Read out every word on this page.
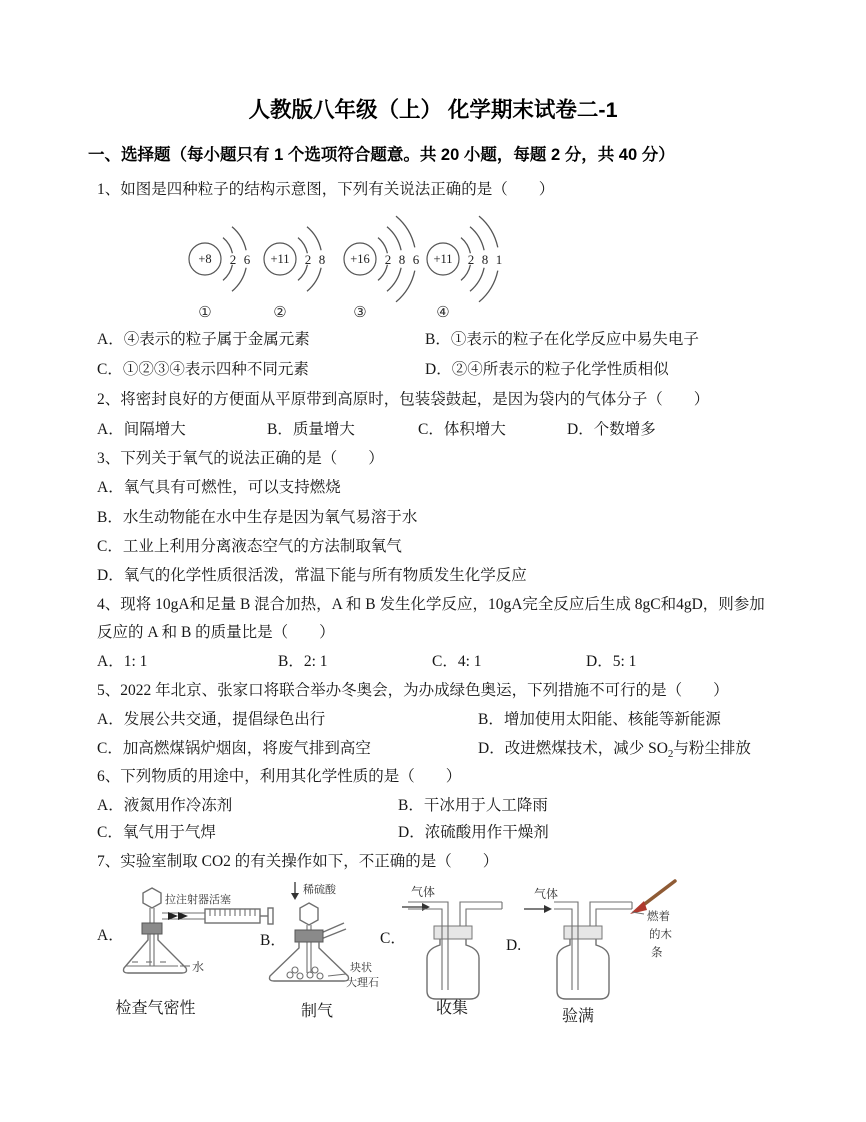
人教版八年级（上） 化学期末试卷二-1
一、选择题（每小题只有 1 个选项符合题意。共 20 小题，每题 2 分，共 40 分）
1、如图是四种粒子的结构示意图，下列有关说法正确的是（　　）
+8 2 6
①
+11 2 8
②
+16 2 8 6
③
+11 2 8 1
④
A．④表示的粒子属于金属元素	B．①表示的粒子在化学反应中易失电子
C．①②③④表示四种不同元素	D．②④所表示的粒子化学性质相似
2、将密封良好的方便面从平原带到高原时，包装袋鼓起，是因为袋内的气体分子（　　）
A．间隔增大	B．质量增大	C．体积增大	D．个数增多
3、下列关于氧气的说法正确的是（　　）
A．氧气具有可燃性，可以支持燃烧
B．水生动物能在水中生存是因为氧气易溶于水
C．工业上利用分离液态空气的方法制取氧气
D．氧气的化学性质很活泼，常温下能与所有物质发生化学反应
4、现将 10gA和足量 B 混合加热，A 和 B 发生化学反应，10gA完全反应后生成 8gC和4gD，则参加
反应的 A 和 B 的质量比是（　　）
A．1: 1	B．2: 1	C．4: 1	D．5: 1
5、2022 年北京、张家口将联合举办冬奥会，为办成绿色奥运，下列措施不可行的是（　　）
A．发展公共交通，提倡绿色出行	B．增加使用太阳能、核能等新能源
C．加高燃煤锅炉烟囱，将废气排到高空	D．改进燃煤技术，减少 $SO_2$与粉尘排放
6、下列物质的用途中，利用其化学性质的是（　　）
A．液氮用作冷冻剂	B．干冰用于人工降雨
C．氧气用于气焊	D．浓硫酸用作干燥剂
7、实验室制取 CO2 的有关操作如下，不正确的是（　　）
A．
水
拉注射器活塞
检查气密性
B．
稀硫酸
块状
大理石
制气
C．
气体
收集
D.
气体
燃着
的木
条
验满
